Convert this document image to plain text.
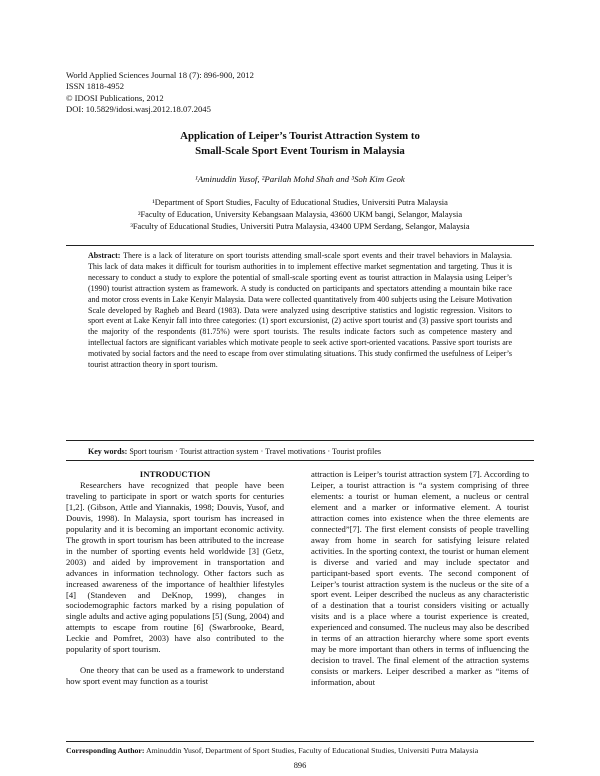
World Applied Sciences Journal 18 (7): 896-900, 2012
ISSN 1818-4952
© IDOSI Publications, 2012
DOI: 10.5829/idosi.wasj.2012.18.07.2045
Application of Leiper’s Tourist Attraction System to
Small-Scale Sport Event Tourism in Malaysia
¹Aminuddin Yusof, ²Parilah Mohd Shah and ³Soh Kim Geok
¹Department of Sport Studies, Faculty of Educational Studies, Universiti Putra Malaysia
²Faculty of Education, University Kebangsaan Malaysia, 43600 UKM bangi, Selangor, Malaysia
³Faculty of Educational Studies, Universiti Putra Malaysia, 43400 UPM Serdang, Selangor, Malaysia
Abstract: There is a lack of literature on sport tourists attending small-scale sport events and their travel behaviors in Malaysia. This lack of data makes it difficult for tourism authorities in to implement effective market segmentation and targeting. Thus it is necessary to conduct a study to explore the potential of small-scale sporting event as tourist attraction in Malaysia using Leiper’s (1990) tourist attraction system as framework. A study is conducted on participants and spectators attending a mountain bike race and motor cross events in Lake Kenyir Malaysia. Data were collected quantitatively from 400 subjects using the Leisure Motivation Scale developed by Ragheb and Beard (1983). Data were analyzed using descriptive statistics and logistic regression. Visitors to sport event at Lake Kenyir fall into three categories: (1) sport excursionist, (2) active sport tourist and (3) passive sport tourists and the majority of the respondents (81.75%) were sport tourists. The results indicate factors such as competence mastery and intellectual factors are significant variables which motivate people to seek active sport-oriented vacations. Passive sport tourists are motivated by social factors and the need to escape from over stimulating situations. This study confirmed the usefulness of Leiper’s tourist attraction theory in sport tourism.
Key words: Sport tourism · Tourist attraction system · Travel motivations · Tourist profiles
INTRODUCTION

Researchers have recognized that people have been traveling to participate in sport or watch sports for centuries [1,2]. (Gibson, Attle and Yiannakis, 1998; Douvis, Yusof, and Douvis, 1998). In Malaysia, sport tourism has increased in popularity and it is becoming an important economic activity. The growth in sport tourism has been attributed to the increase in the number of sporting events held worldwide [3] (Getz, 2003) and aided by improvement in transportation and advances in information technology. Other factors such as increased awareness of the importance of healthier lifestyles [4] (Standeven and DeKnop, 1999), changes in sociodemographic factors marked by a rising population of single adults and active aging populations [5] (Sung, 2004) and attempts to escape from routine [6] (Swarbrooke, Beard, Leckie and Pomfret, 2003) have also contributed to the popularity of sport tourism.

One theory that can be used as a framework to understand how sport event may function as a tourist

attraction is Leiper’s tourist attraction system [7]. According to Leiper, a tourist attraction is “a system comprising of three elements: a tourist or human element, a nucleus or central element and a marker or informative element. A tourist attraction comes into existence when the three elements are connected”[7]. The first element consists of people travelling away from home in search for satisfying leisure related activities. In the sporting context, the tourist or human element is diverse and varied and may include spectator and participant-based sport events. The second component of Leiper’s tourist attraction system is the nucleus or the site of a sport event. Leiper described the nucleus as any characteristic of a destination that a tourist considers visiting or actually visits and is a place where a tourist experience is created, experienced and consumed. The nucleus may also be described in terms of an attraction hierarchy where some sport events may be more important than others in terms of influencing the decision to travel. The final element of the attraction systems consists or markers. Leiper described a marker as “items of information, about

Corresponding Author: Aminuddin Yusof, Department of Sport Studies, Faculty of Educational Studies, Universiti Putra Malaysia
896
